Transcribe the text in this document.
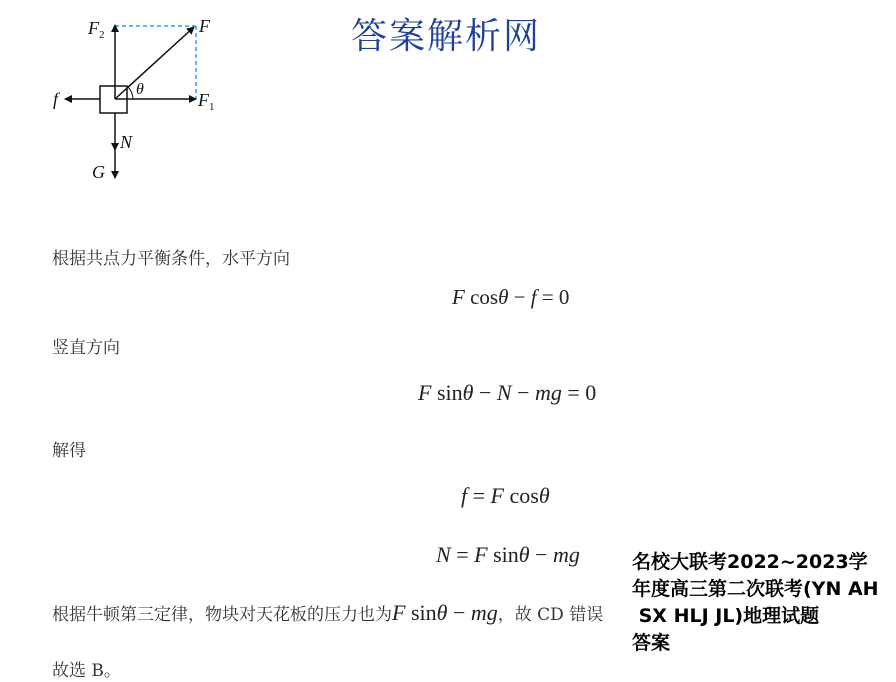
答案解析网
$F_2$	F
$F_1$
f	θ
N
G
根据共点力平衡条件，水平方向
F cosθ − f = 0
竖直方向
F sinθ − N − mg = 0
解得
f = F cosθ
N = F sinθ − mg
根据牛顿第三定律，物块对天花板的压力也为F sinθ − mg，故 CD 错误
故选 B。
名校大联考2022~2023学
年度高三第二次联考(YN AH
SX HLJ JL)地理试题
答案
